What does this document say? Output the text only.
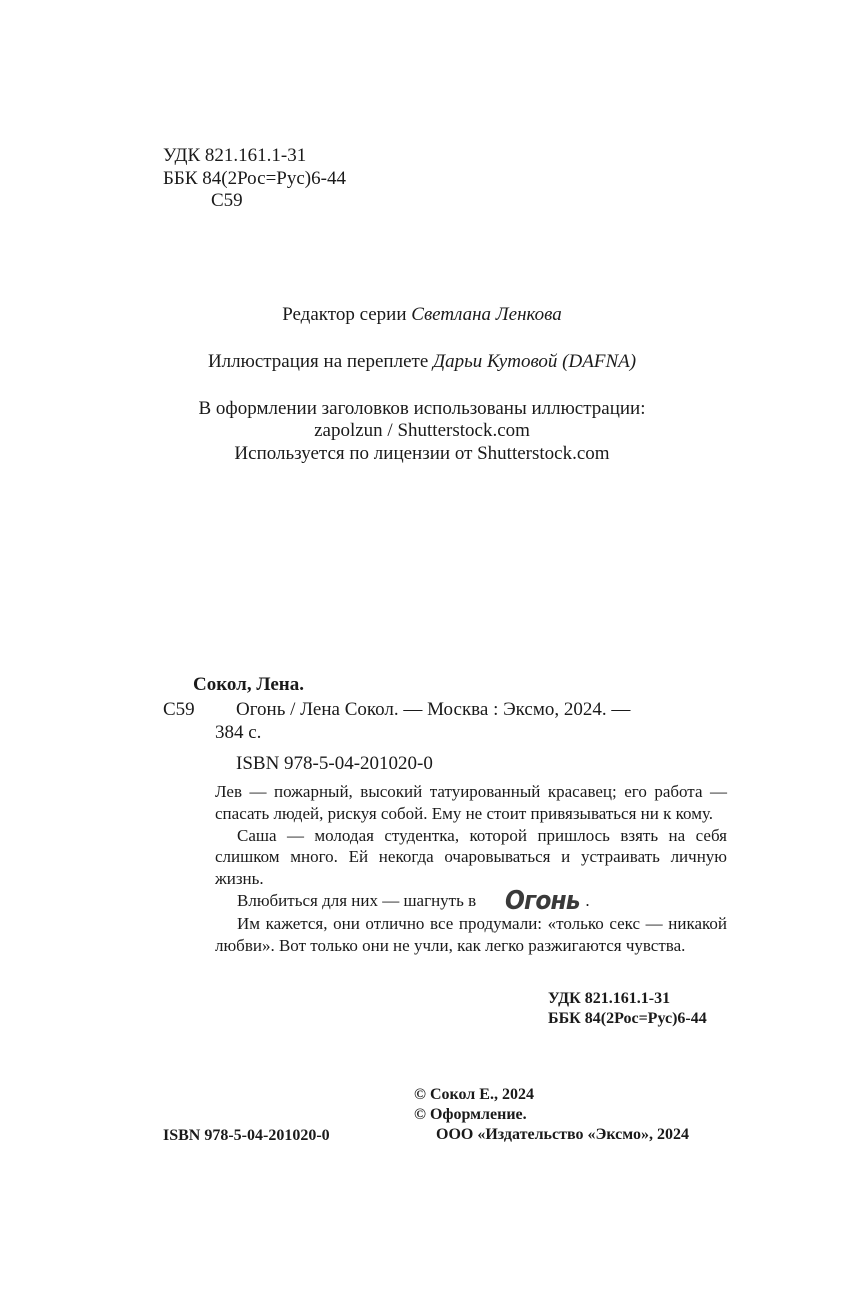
УДК 821.161.1-31
ББК 84(2Рос=Рус)6-44
С59
Редактор серии Светлана Ленкова
Иллюстрация на переплете Дарьи Кутовой (DAFNA)
В оформлении заголовков использованы иллюстрации:
zapolzun / Shutterstock.com
Используется по лицензии от Shutterstock.com
Сокол, Лена.
С59 Огонь / Лена Сокол. — Москва : Эксмо, 2024. —
384 с.
ISBN 978-5-04-201020-0

Лев — пожарный, высокий татуированный красавец; его работа — спасать людей, рискуя собой. Ему не стоит привязываться ни к кому.

Саша — молодая студентка, которой пришлось взять на себя слишком много. Ей некогда очаровываться и устраивать личную жизнь.

Влюбиться для них — шагнуть в Огонь .

Им кажется, они отлично все продумали: «только секс — никакой любви». Вот только они не учли, как легко разжигаются чувства.

УДК 821.161.1-31
ББК 84(2Рос=Рус)6-44
© Сокол Е., 2024
© Оформление.
ООО «Издательство «Эксмо», 2024
ISBN 978-5-04-201020-0
